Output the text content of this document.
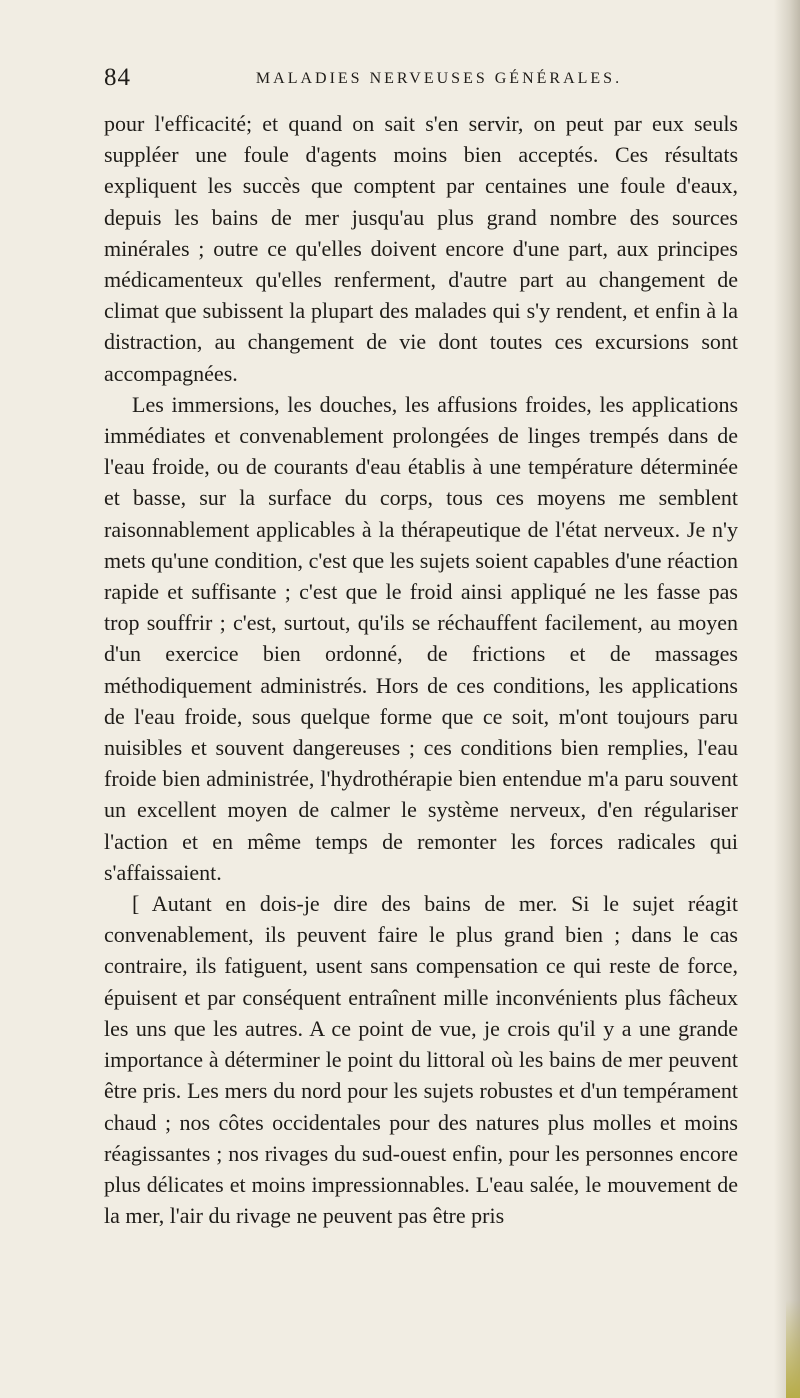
84	MALADIES NERVEUSES GÉNÉRALES.

pour l'efficacité; et quand on sait s'en servir, on peut par eux seuls suppléer une foule d'agents moins bien acceptés. Ces résultats expliquent les succès que comptent par centaines une foule d'eaux, depuis les bains de mer jusqu'au plus grand nombre des sources minérales ; outre ce qu'elles doivent encore d'une part, aux principes médicamenteux qu'elles renferment, d'autre part au changement de climat que subissent la plupart des malades qui s'y rendent, et enfin à la distraction, au changement de vie dont toutes ces excursions sont accompagnées.

Les immersions, les douches, les affusions froides, les applications immédiates et convenablement prolongées de linges trempés dans de l'eau froide, ou de courants d'eau établis à une température déterminée et basse, sur la surface du corps, tous ces moyens me semblent raisonnablement applicables à la thérapeutique de l'état nerveux. Je n'y mets qu'une condition, c'est que les sujets soient capables d'une réaction rapide et suffisante ; c'est que le froid ainsi appliqué ne les fasse pas trop souffrir ; c'est, surtout, qu'ils se réchauffent facilement, au moyen d'un exercice bien ordonné, de frictions et de massages méthodiquement administrés. Hors de ces conditions, les applications de l'eau froide, sous quelque forme que ce soit, m'ont toujours paru nuisibles et souvent dangereuses ; ces conditions bien remplies, l'eau froide bien administrée, l'hydrothérapie bien entendue m'a paru souvent un excellent moyen de calmer le système nerveux, d'en régulariser l'action et en même temps de remonter les forces radicales qui s'affaissaient.

[ Autant en dois-je dire des bains de mer. Si le sujet réagit convenablement, ils peuvent faire le plus grand bien ; dans le cas contraire, ils fatiguent, usent sans compensation ce qui reste de force, épuisent et par conséquent entraînent mille inconvénients plus fâcheux les uns que les autres. A ce point de vue, je crois qu'il y a une grande importance à déterminer le point du littoral où les bains de mer peuvent être pris. Les mers du nord pour les sujets robustes et d'un tempérament chaud ; nos côtes occidentales pour des natures plus molles et moins réagissantes ; nos rivages du sud-ouest enfin, pour les personnes encore plus délicates et moins impressionnables. L'eau salée, le mouvement de la mer, l'air du rivage ne peuvent pas être pris
